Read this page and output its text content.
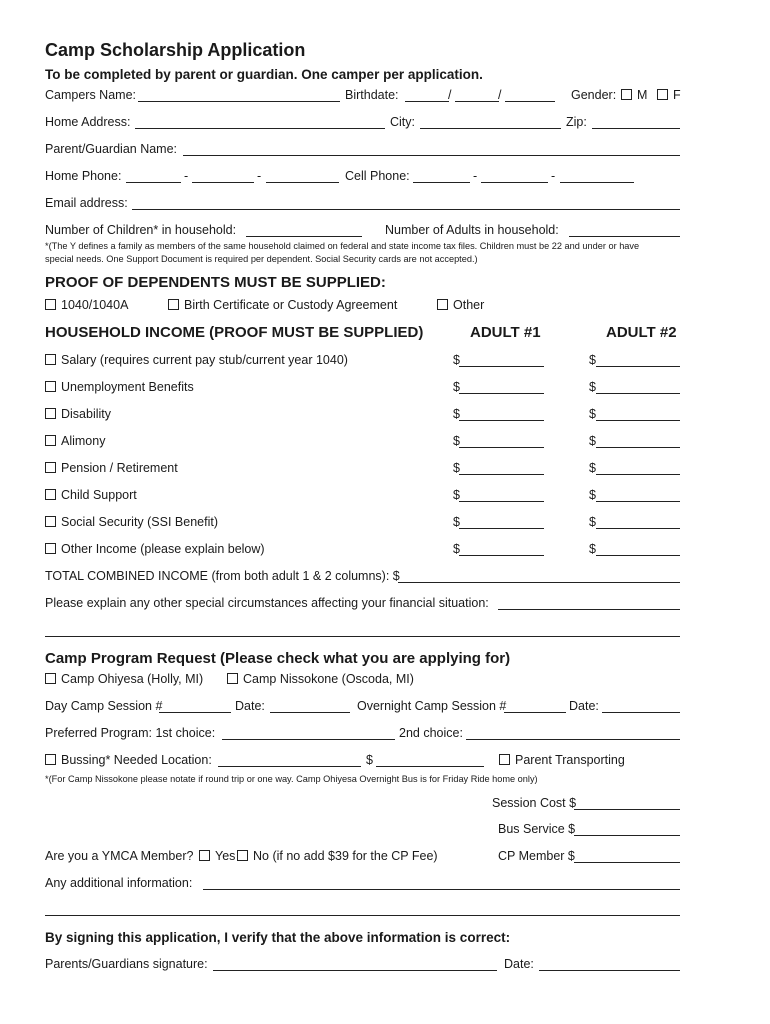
Camp Scholarship Application
To be completed by parent or guardian. One camper per application.
Campers Name:	Birthdate:	/	/	Gender:	M	F
Home Address:	City:	Zip:
Parent/Guardian Name:
Home Phone:	-	-	Cell Phone:	-	-
Email address:
Number of Children* in household:	Number of Adults in household:
*(The Y defines a family as members of the same household claimed on federal and state income tax files. Children must be 22 and under or have
special needs. One Support Document is required per dependent. Social Security cards are not accepted.)
PROOF OF DEPENDENTS MUST BE SUPPLIED:
1040/1040A	Birth Certificate or Custody Agreement	Other
HOUSEHOLD INCOME (PROOF MUST BE SUPPLIED)	ADULT #1	ADULT #2
Salary (requires current pay stub/current year 1040)	$	$
Unemployment Benefits	$	$
Disability	$	$
Alimony	$	$
Pension / Retirement	$	$
Child Support	$	$
Social Security (SSI Benefit)	$	$
Other Income (please explain below)	$	$
TOTAL COMBINED INCOME (from both adult 1 & 2 columns): $
Please explain any other special circumstances affecting your financial situation:
Camp Program Request (Please check what you are applying for)
Camp Ohiyesa (Holly, MI)	Camp Nissokone (Oscoda, MI)
Day Camp Session #	Date:	Overnight Camp Session #	Date:
Preferred Program: 1st choice:	2nd choice:
Bussing* Needed Location:	$	Parent Transporting
*(For Camp Nissokone please notate if round trip or one way. Camp Ohiyesa Overnight Bus is for Friday Ride home only)
Session Cost $
Bus Service $
Are you a YMCA Member?	Yes	No (if no add $39 for the CP Fee)	CP Member $
Any additional information:
By signing this application, I verify that the above information is correct:
Parents/Guardians signature:	Date:
